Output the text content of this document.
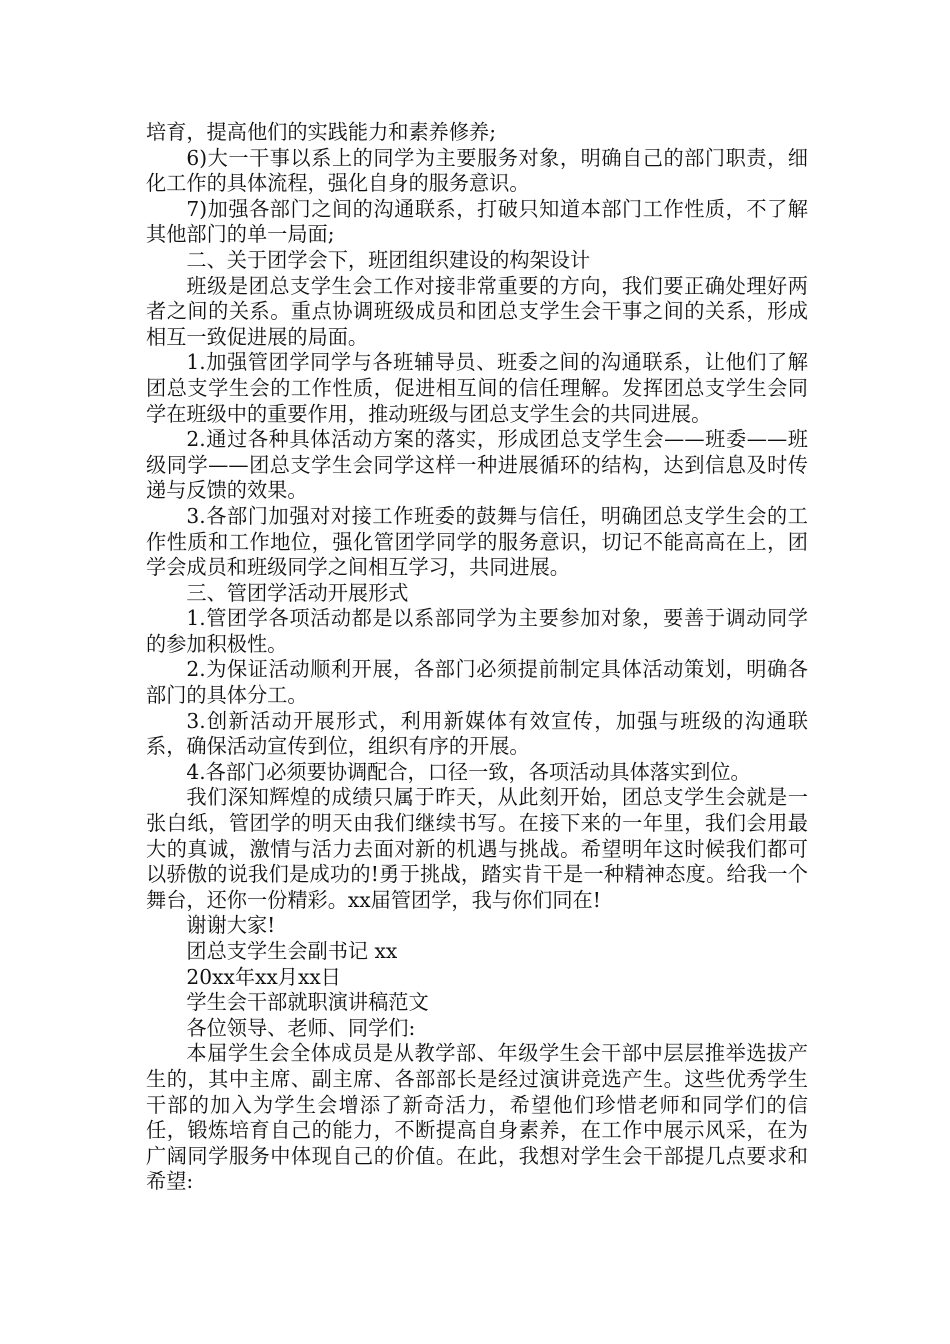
培育，提高他们的实践能力和素养修养;

6)大一干事以系上的同学为主要服务对象，明确自己的部门职责，细化工作的具体流程，强化自身的服务意识。

7)加强各部门之间的沟通联系，打破只知道本部门工作性质，不了解其他部门的单一局面;

二、关于团学会下，班团组织建设的构架设计

班级是团总支学生会工作对接非常重要的方向，我们要正确处理好两者之间的关系。重点协调班级成员和团总支学生会干事之间的关系，形成相互一致促进展的局面。

1.加强管团学同学与各班辅导员、班委之间的沟通联系，让他们了解团总支学生会的工作性质，促进相互间的信任理解。发挥团总支学生会同学在班级中的重要作用，推动班级与团总支学生会的共同进展。

2.通过各种具体活动方案的落实，形成团总支学生会——班委——班级同学——团总支学生会同学这样一种进展循环的结构，达到信息及时传递与反馈的效果。

3.各部门加强对对接工作班委的鼓舞与信任，明确团总支学生会的工作性质和工作地位，强化管团学同学的服务意识，切记不能高高在上，团学会成员和班级同学之间相互学习，共同进展。

三、管团学活动开展形式

1.管团学各项活动都是以系部同学为主要参加对象，要善于调动同学的参加积极性。

2.为保证活动顺利开展，各部门必须提前制定具体活动策划，明确各部门的具体分工。

3.创新活动开展形式，利用新媒体有效宣传，加强与班级的沟通联系，确保活动宣传到位，组织有序的开展。

4.各部门必须要协调配合，口径一致，各项活动具体落实到位。

我们深知辉煌的成绩只属于昨天，从此刻开始，团总支学生会就是一张白纸，管团学的明天由我们继续书写。在接下来的一年里，我们会用最大的真诚，激情与活力去面对新的机遇与挑战。希望明年这时候我们都可以骄傲的说我们是成功的!勇于挑战，踏实肯干是一种精神态度。给我一个舞台，还你一份精彩。xx届管团学，我与你们同在!

谢谢大家!

团总支学生会副书记 xx

20xx年xx月xx日

学生会干部就职演讲稿范文

各位领导、老师、同学们:

本届学生会全体成员是从教学部、年级学生会干部中层层推举选拔产生的，其中主席、副主席、各部部长是经过演讲竞选产生。这些优秀学生干部的加入为学生会增添了新奇活力，希望他们珍惜老师和同学们的信任，锻炼培育自己的能力，不断提高自身素养，在工作中展示风采，在为广阔同学服务中体现自己的价值。在此，我想对学生会干部提几点要求和希望:
